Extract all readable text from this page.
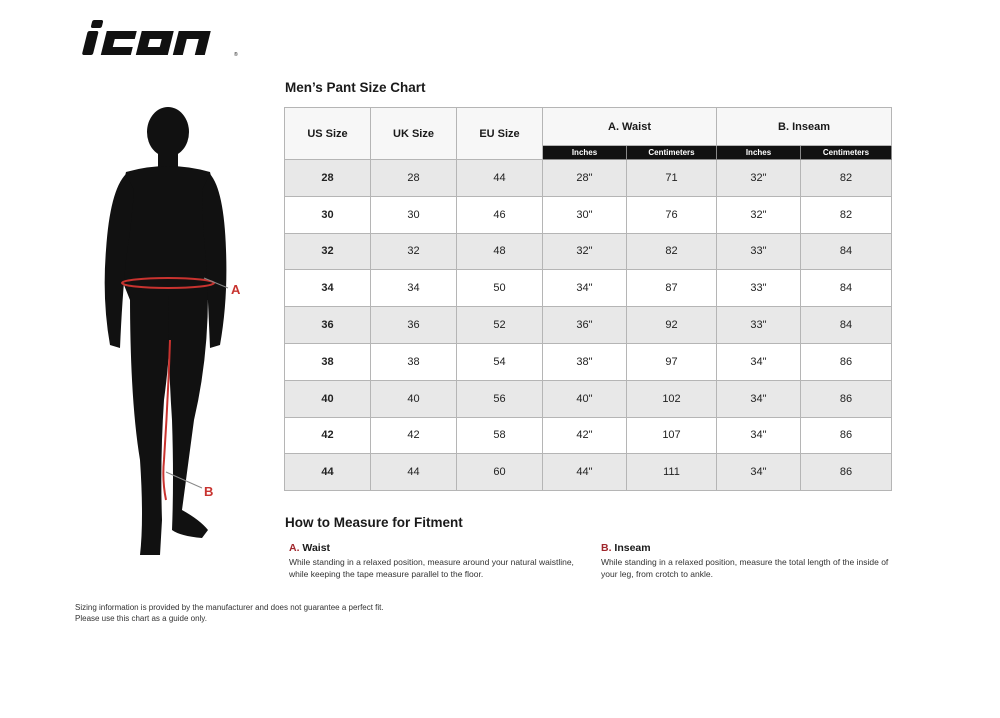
®
A
B
Men’s Pant Size Chart
US Size	UK Size	EU Size	A. Waist		B. Inseam	
			Inches	Centimeters	Inches	Centimeters
28	28	44	28"	71	32"	82
30	30	46	30"	76	32"	82
32	32	48	32"	82	33"	84
34	34	50	34"	87	33"	84
36	36	52	36"	92	33"	84
38	38	54	38"	97	34"	86
40	40	56	40"	102	34"	86
42	42	58	42"	107	34"	86
44	44	60	44"	111	34"	86
How to Measure for Fitment
A. Waist
While standing in a relaxed position, measure around your natural waistline, while keeping the tape measure parallel to the floor.
B. Inseam
While standing in a relaxed position, measure the total length of the inside of your leg, from crotch to ankle.
Sizing information is provided by the manufacturer and does not guarantee a perfect fit.
Please use this chart as a guide only.
